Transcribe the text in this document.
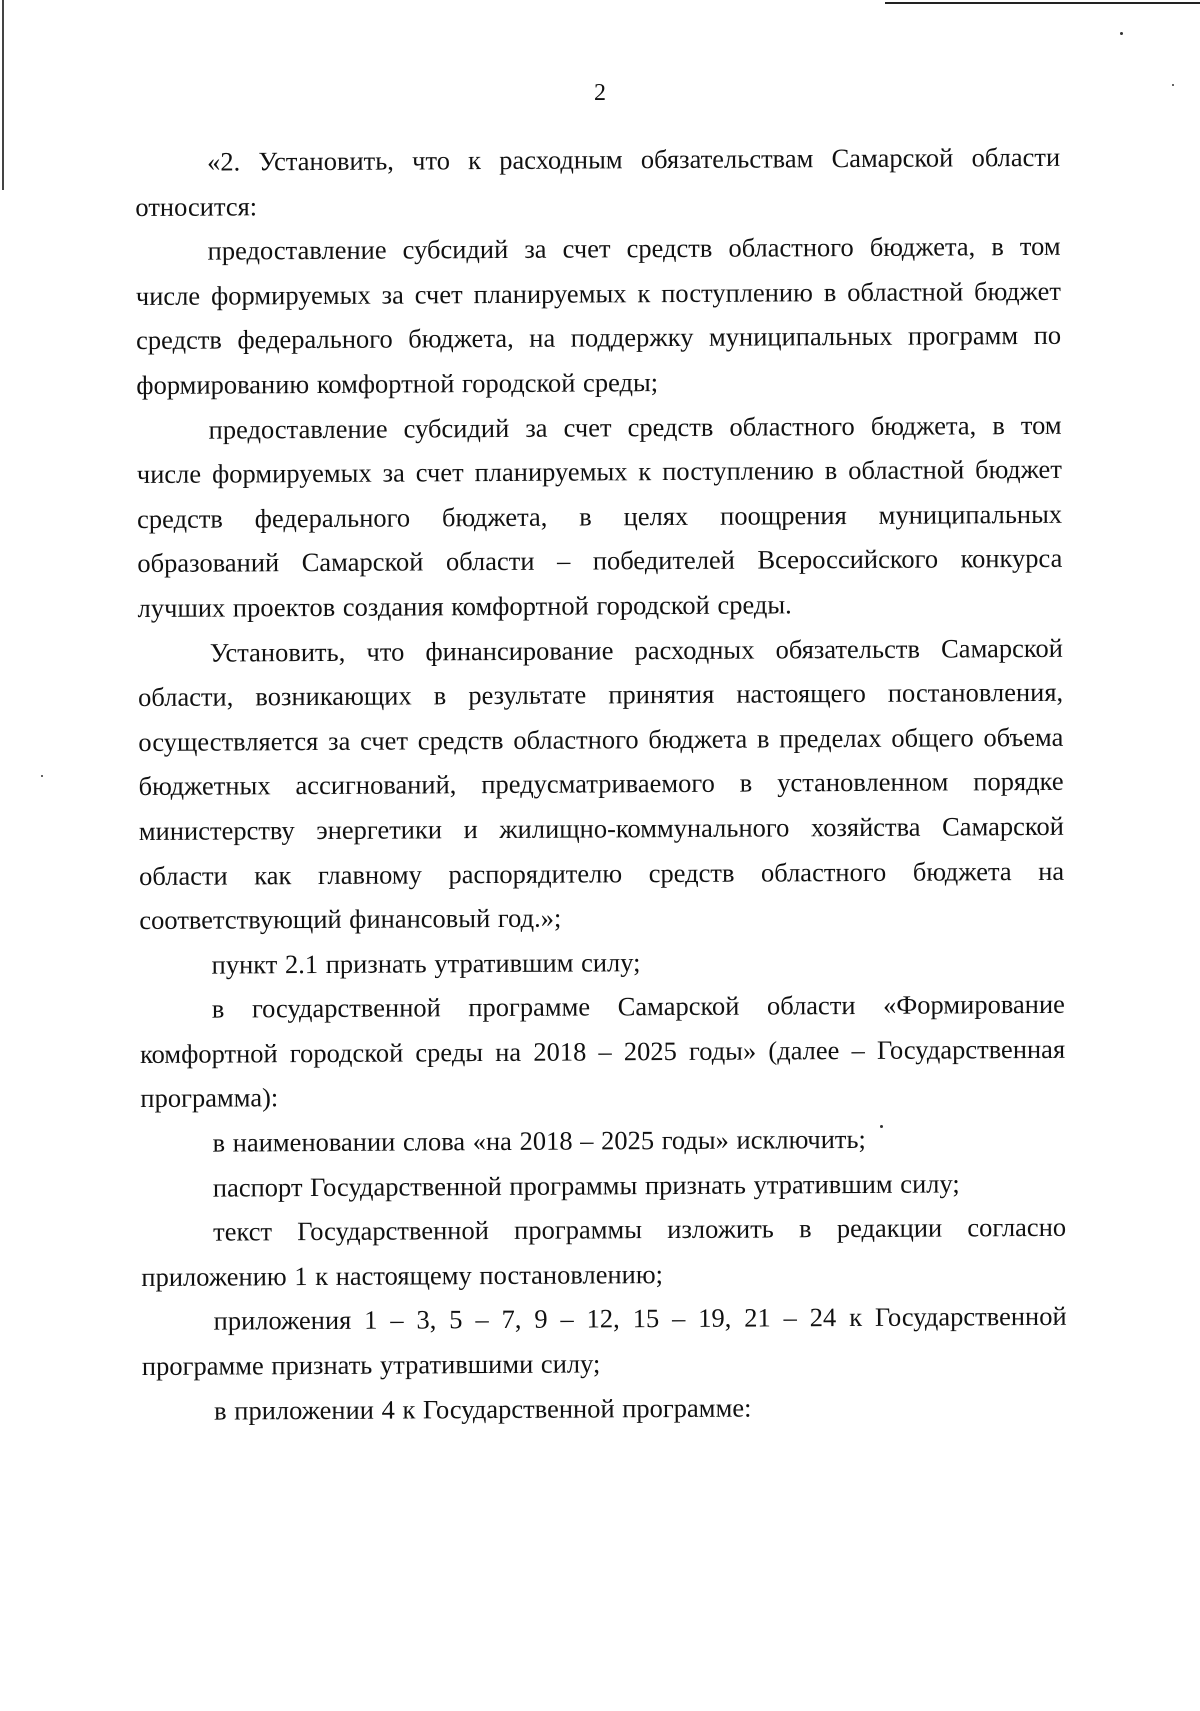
2

«2. Установить, что к расходным обязательствам Самарской области относится:

предоставление субсидий за счет средств областного бюджета, в том числе формируемых за счет планируемых к поступлению в областной бюджет средств федерального бюджета, на поддержку муниципальных программ по формированию комфортной городской среды;

предоставление субсидий за счет средств областного бюджета, в том числе формируемых за счет планируемых к поступлению в областной бюджет средств федерального бюджета, в целях поощрения муниципальных образований Самарской области – победителей Всероссийского конкурса лучших проектов создания комфортной городской среды.

Установить, что финансирование расходных обязательств Самарской области, возникающих в результате принятия настоящего постановления, осуществляется за счет средств областного бюджета в пределах общего объема бюджетных ассигнований, предусматриваемого в установленном порядке министерству энергетики и жилищно-коммунального хозяйства Самарской области как главному распорядителю средств областного бюджета на соответствующий финансовый год.»;

пункт 2.1 признать утратившим силу;

в государственной программе Самарской области «Формирование комфортной городской среды на 2018 – 2025 годы» (далее – Государственная программа):

в наименовании слова «на 2018 – 2025 годы» исключить;

паспорт Государственной программы признать утратившим силу;

текст Государственной программы изложить в редакции согласно приложению 1 к настоящему постановлению;

приложения 1 – 3, 5 – 7, 9 – 12, 15 – 19, 21 – 24 к Государственной программе признать утратившими силу;

в приложении 4 к Государственной программе:
